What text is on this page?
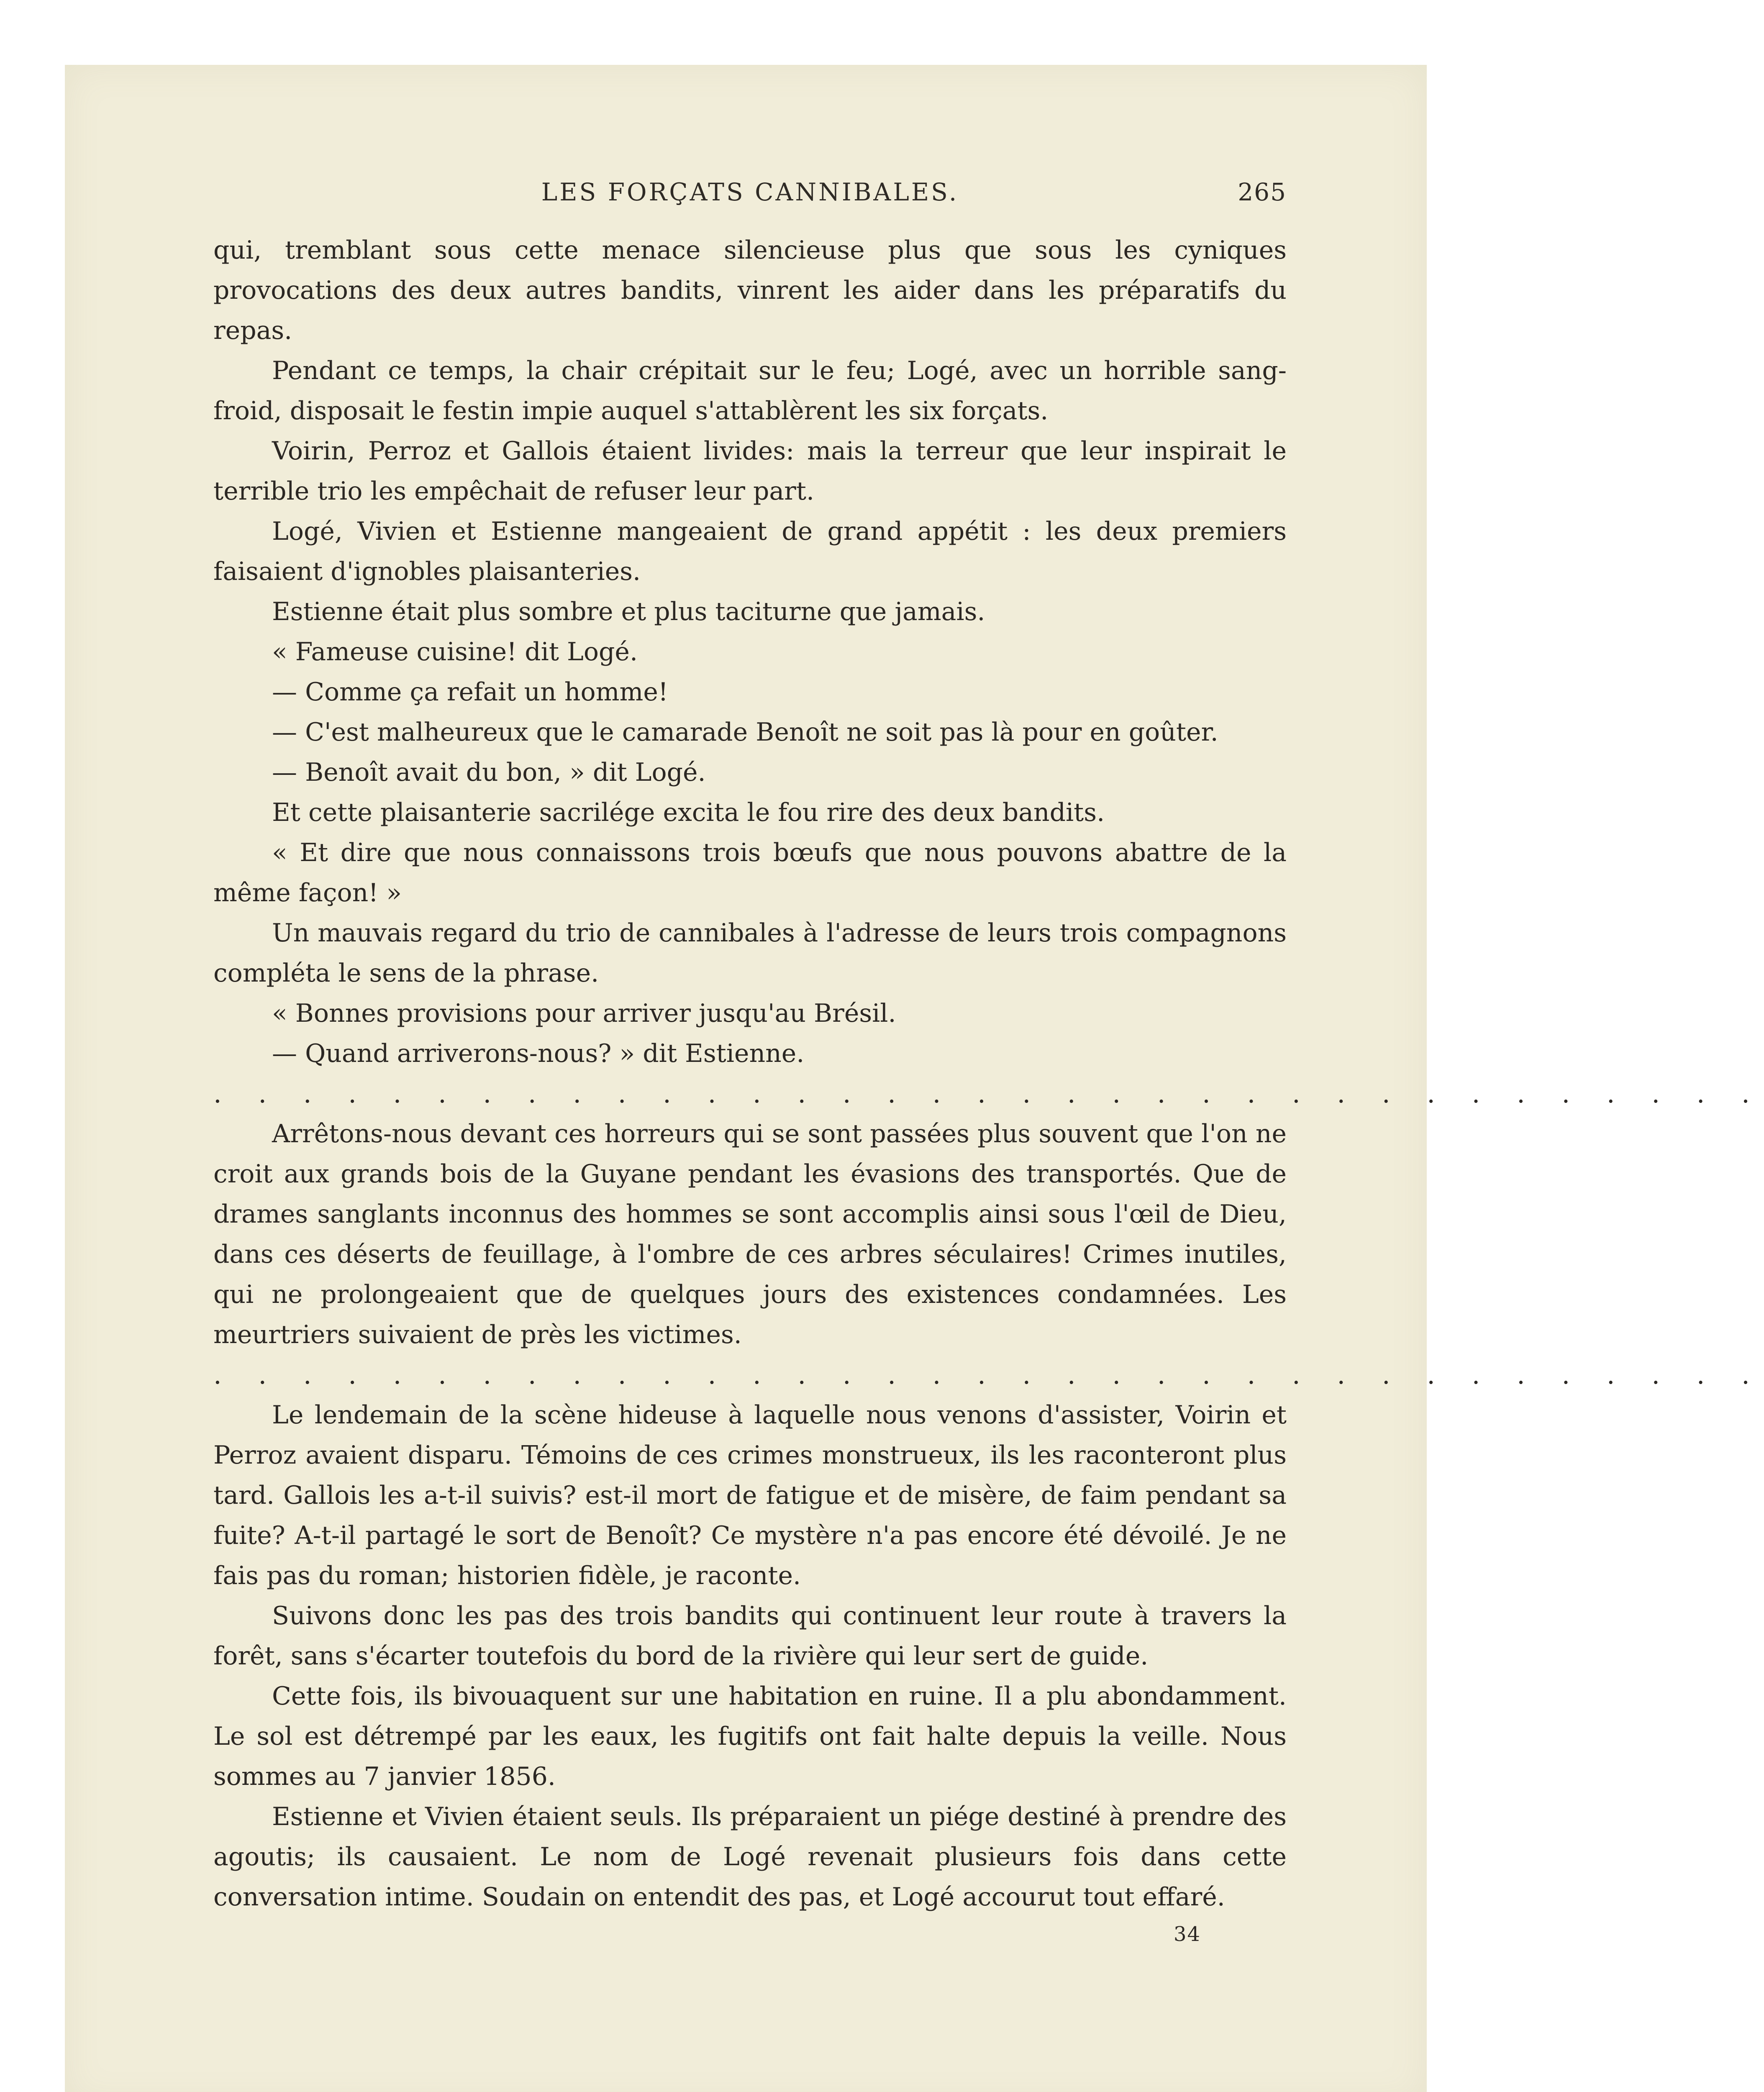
LES FORÇATS CANNIBALES.	265

qui, tremblant sous cette menace silencieuse plus que sous les cyniques provocations des deux autres bandits, vinrent les aider dans les préparatifs du repas.

Pendant ce temps, la chair crépitait sur le feu; Logé, avec un horrible sang-froid, disposait le festin impie auquel s'attablèrent les six forçats.

Voirin, Perroz et Gallois étaient livides: mais la terreur que leur inspirait le terrible trio les empêchait de refuser leur part.

Logé, Vivien et Estienne mangeaient de grand appétit : les deux premiers faisaient d'ignobles plaisanteries.

Estienne était plus sombre et plus taciturne que jamais.

« Fameuse cuisine! dit Logé.

— Comme ça refait un homme!

— C'est malheureux que le camarade Benoît ne soit pas là pour en goûter.

— Benoît avait du bon, » dit Logé.

Et cette plaisanterie sacrilége excita le fou rire des deux bandits.

« Et dire que nous connaissons trois bœufs que nous pouvons abattre de la même façon! »

Un mauvais regard du trio de cannibales à l'adresse de leurs trois compagnons compléta le sens de la phrase.

« Bonnes provisions pour arriver jusqu'au Brésil.

— Quand arriverons-nous? » dit Estienne.

. . . . . . . . . . . . . . . . . . . . . . . . . . . . . . . . . . .

Arrêtons-nous devant ces horreurs qui se sont passées plus souvent que l'on ne croit aux grands bois de la Guyane pendant les évasions des transportés. Que de drames sanglants inconnus des hommes se sont accomplis ainsi sous l'œil de Dieu, dans ces déserts de feuillage, à l'ombre de ces arbres séculaires! Crimes inutiles, qui ne prolongeaient que de quelques jours des existences condamnées. Les meurtriers suivaient de près les victimes.

. . . . . . . . . . . . . . . . . . . . . . . . . . . . . . . . . . .

Le lendemain de la scène hideuse à laquelle nous venons d'assister, Voirin et Perroz avaient disparu. Témoins de ces crimes monstrueux, ils les raconteront plus tard. Gallois les a-t-il suivis? est-il mort de fatigue et de misère, de faim pendant sa fuite? A-t-il partagé le sort de Benoît? Ce mystère n'a pas encore été dévoilé. Je ne fais pas du roman; historien fidèle, je raconte.

Suivons donc les pas des trois bandits qui continuent leur route à travers la forêt, sans s'écarter toutefois du bord de la rivière qui leur sert de guide.

Cette fois, ils bivouaquent sur une habitation en ruine. Il a plu abondamment. Le sol est détrempé par les eaux, les fugitifs ont fait halte depuis la veille. Nous sommes au 7 janvier 1856.

Estienne et Vivien étaient seuls. Ils préparaient un piége destiné à prendre des agoutis; ils causaient. Le nom de Logé revenait plusieurs fois dans cette conversation intime. Soudain on entendit des pas, et Logé accourut tout effaré.

34
